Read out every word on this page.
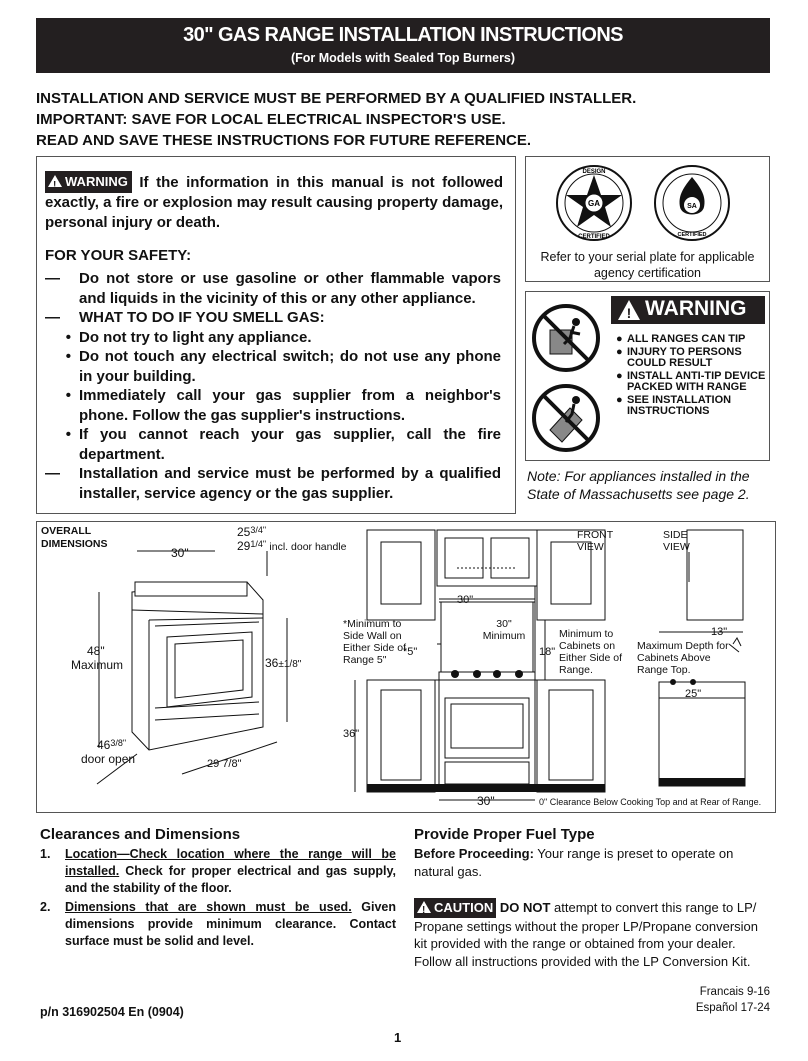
30" GAS RANGE INSTALLATION INSTRUCTIONS
(For Models with Sealed Top Burners)
INSTALLATION AND SERVICE MUST BE PERFORMED BY A QUALIFIED INSTALLER.
IMPORTANT: SAVE FOR LOCAL ELECTRICAL INSPECTOR'S USE.
READ AND SAVE THESE INSTRUCTIONS FOR FUTURE REFERENCE.
!WARNING If the information in this manual is not followed exactly, a fire or explosion may result causing property damage, personal injury or death.
FOR YOUR SAFETY:
—	Do not store or use gasoline or other flammable vapors and liquids in the vicinity of this or any other appliance.
—	WHAT TO DO IF YOU SMELL GAS:
• Do not try to light any appliance.
• Do not touch any electrical switch; do not use any phone in your building.
• Immediately call your gas supplier from a neighbor's phone. Follow the gas supplier's instructions.
• If you cannot reach your gas supplier, call the fire department.
—	Installation and service must be performed by a qualified installer, service agency or the gas supplier.
GA
DESIGN
CERTIFIED
SA
CERTIFIED
Refer to your serial plate for applicable agency certification
! WARNING
● ALL RANGES CAN TIP
● INJURY TO PERSONS COULD RESULT
● INSTALL ANTI-TIP DEVICE PACKED WITH RANGE
● SEE INSTALLATION INSTRUCTIONS
Note: For appliances installed in the State of Massachusetts see page 2.
OVERALL DIMENSIONS
30"
$25^{3/4"}$
$29^{1/4"}$ incl. door handle
48"
Maximum	36±1/8"
$46^{3/8"}$
door open	29 7/8"
FRONT VIEW
SIDE VIEW
30"
*Minimum to Side Wall on Either Side of Range 5"
*5"
30" Minimum
18"
Minimum to Cabinets on Either Side of Range.
13"
Maximum Depth for Cabinets Above Range Top.
25"
36"
30"	0" Clearance Below Cooking Top and at Rear of Range.
Clearances and Dimensions
1.	Location—Check location where the range will be installed. Check for proper electrical and gas supply, and the stability of the floor.
2.	Dimensions that are shown must be used. Given dimensions provide minimum clearance. Contact surface must be solid and level.
Provide Proper Fuel Type
Before Proceeding: Your range is preset to operate on natural gas.
!CAUTION DO NOT attempt to convert this range to LP/ Propane settings without the proper LP/Propane conversion kit provided with the range or obtained from your dealer. Follow all instructions provided with the LP Conversion Kit.
p/n 316902504 En (0904)
Francais 9-16
Español 17-24
1
